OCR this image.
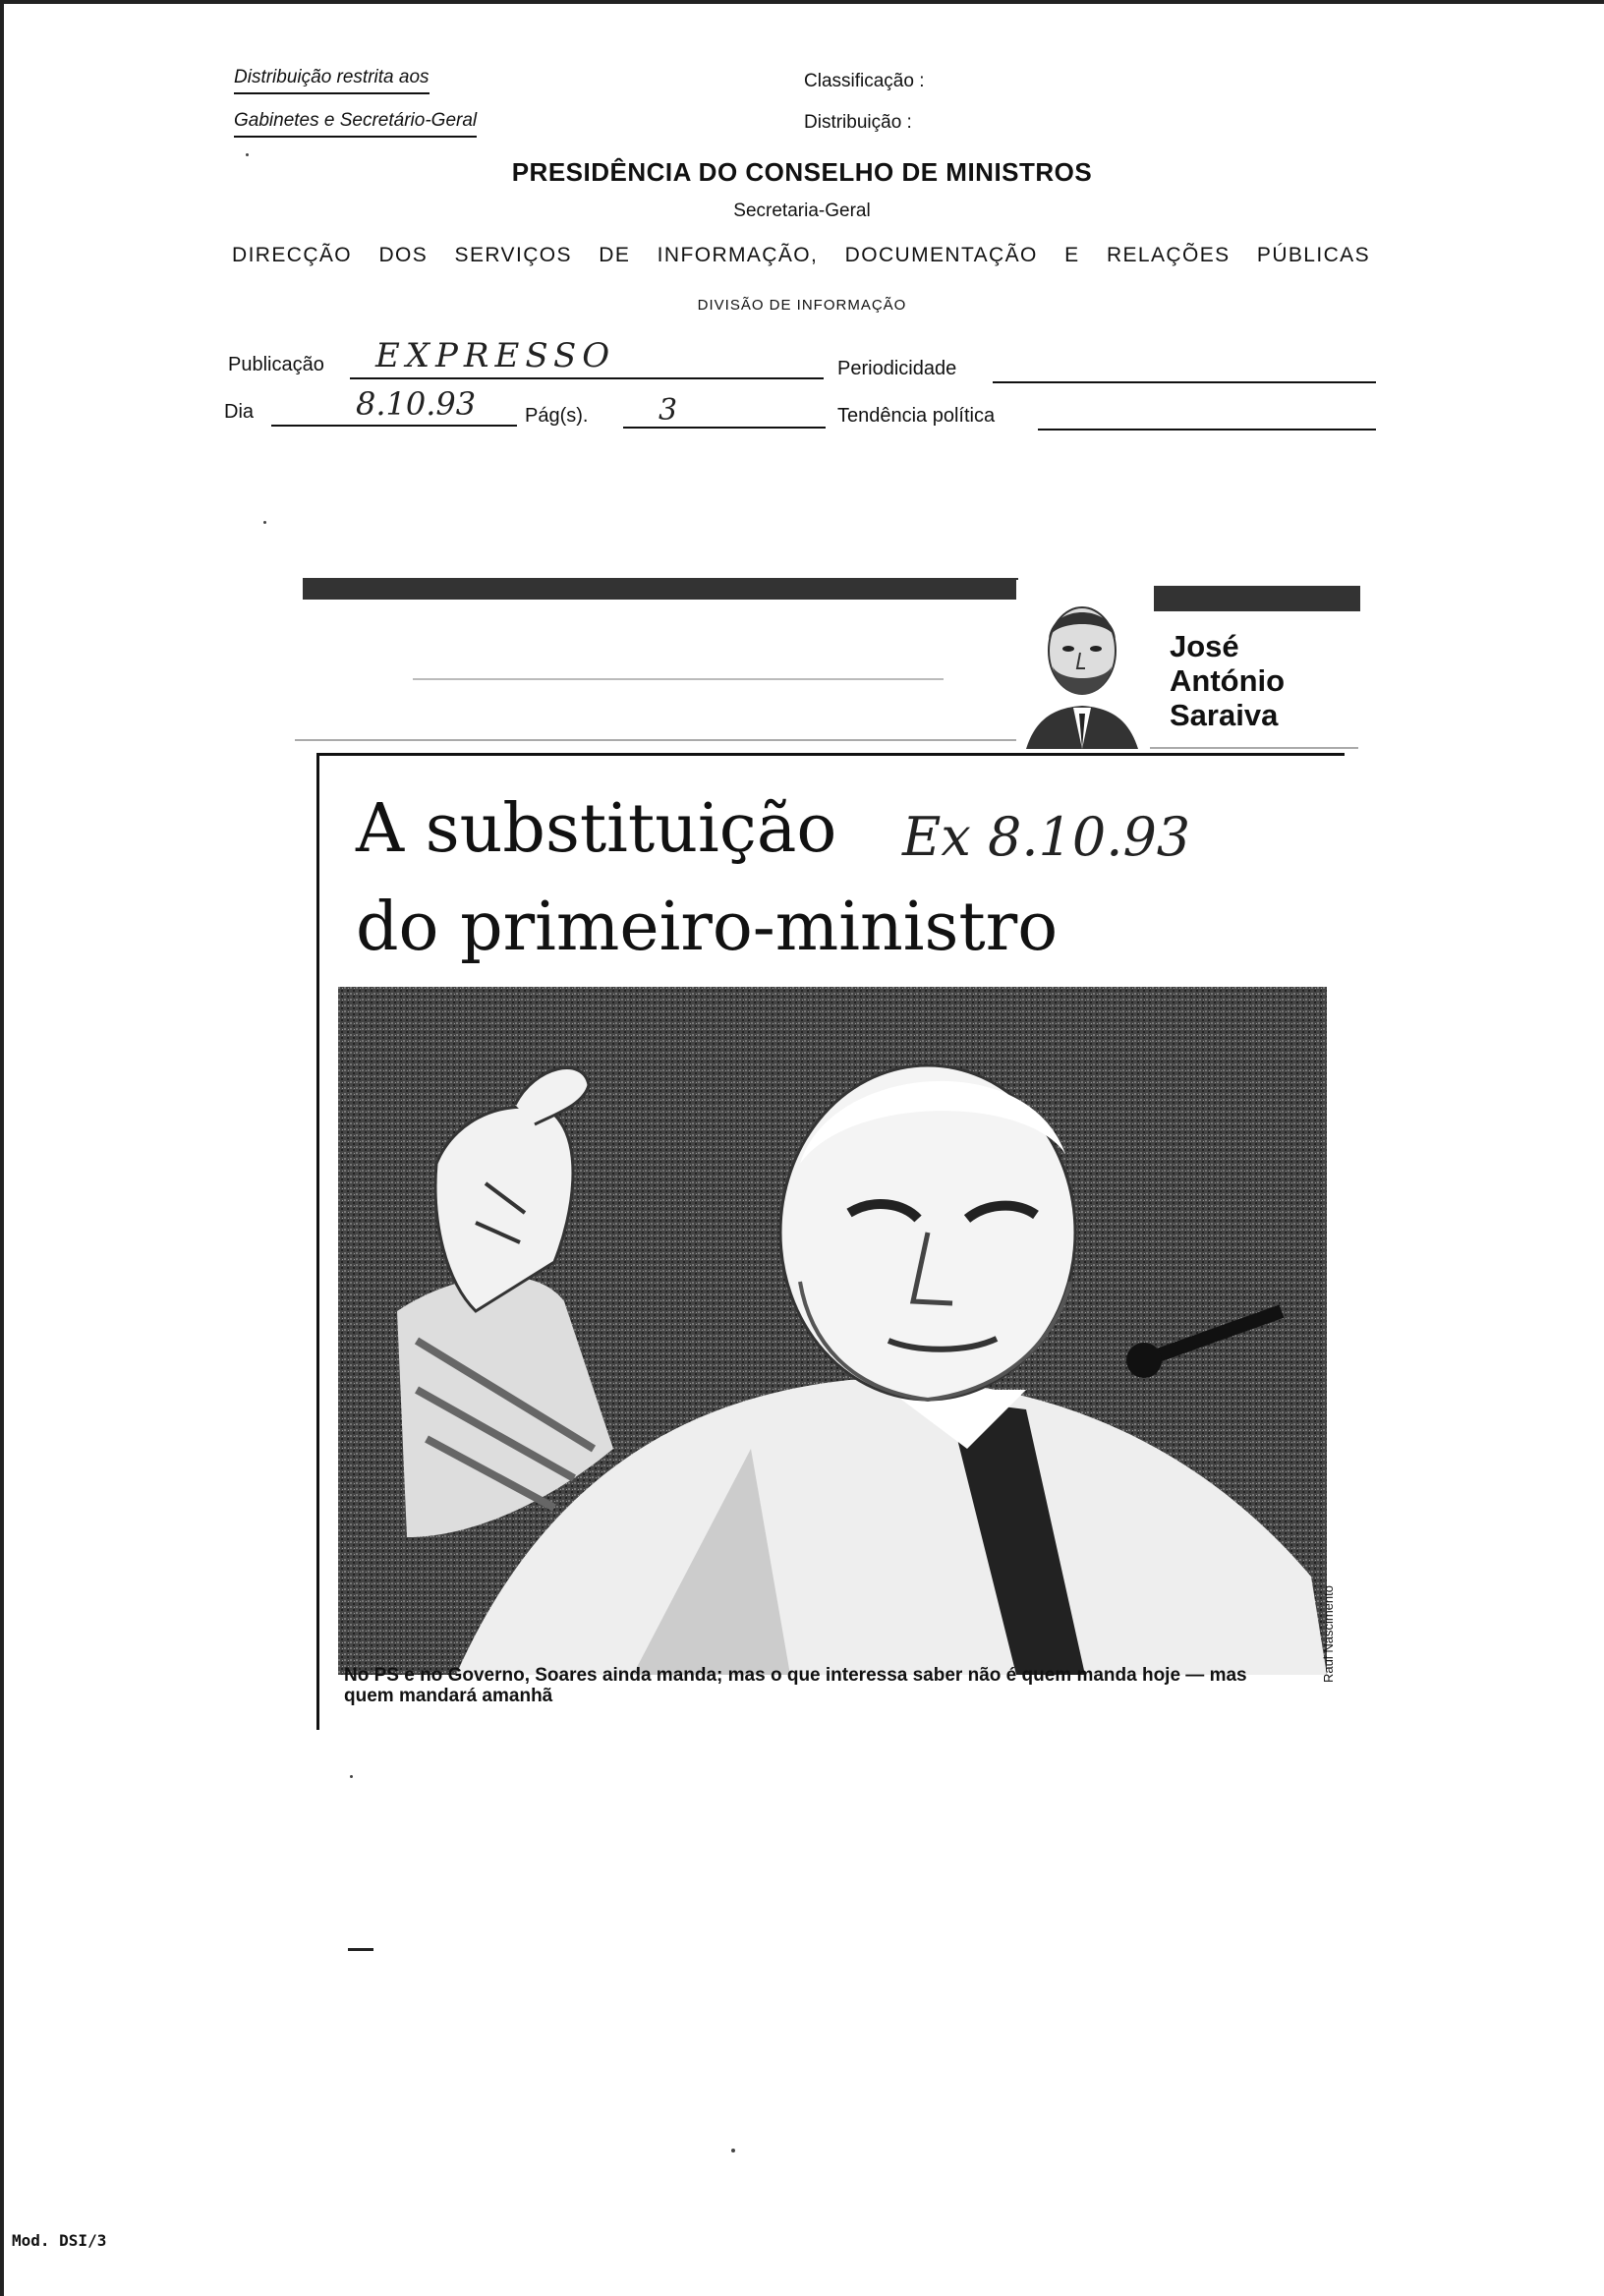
Distribuição restrita aos
Gabinetes e Secretário-Geral
Classificação :
Distribuição :
PRESIDÊNCIA DO CONSELHO DE MINISTROS
Secretaria-Geral
DIRECÇÃO DOS SERVIÇOS DE INFORMAÇÃO, DOCUMENTAÇÃO E RELAÇÕES PÚBLICAS
DIVISÃO DE INFORMAÇÃO
Publicação EXPRESSO	Periodicidade
Dia	8.10.93 Pág(s). 3	Tendência política
José
António
Saraiva
A substituição
do primeiro-ministro
Ex 8.10.93
Raul Nascimento
No PS e no Governo, Soares ainda manda; mas o que interessa saber não é quem manda hoje — mas quem mandará amanhã
Mod. DSI/3
